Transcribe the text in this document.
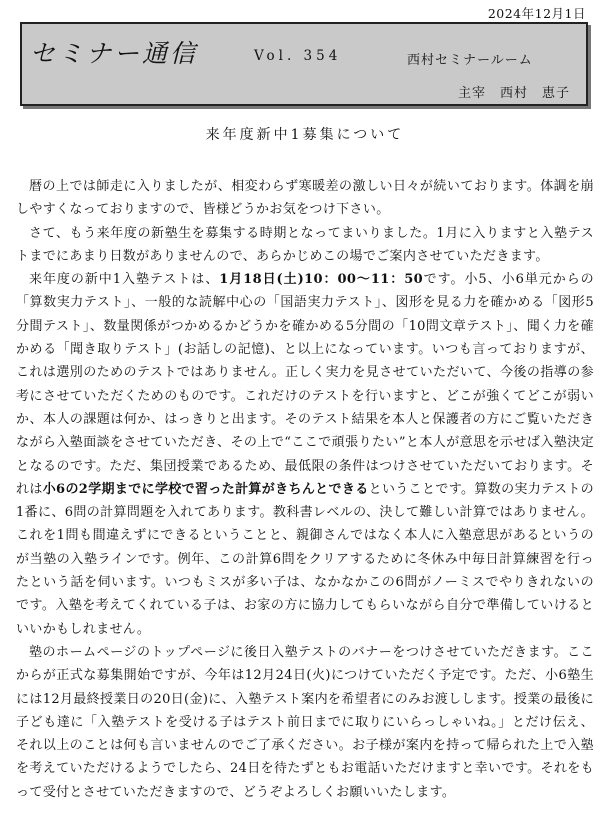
2024年12月1日
セミナー通信	Vol. 354	西村セミナールーム
主宰　西村　恵子
来年度新中1募集について

暦の上では師走に入りましたが、相変わらず寒暖差の激しい日々が続いております。体調を崩しやすくなっておりますので、皆様どうかお気をつけ下さい。

さて、もう来年度の新塾生を募集する時期となってまいりました。1月に入りますと入塾テストまでにあまり日数がありませんので、あらかじめこの場でご案内させていただきます。

来年度の新中1入塾テストは、1月18日(土)10：00～11：50です。小5、小6単元からの「算数実力テスト」、一般的な読解中心の「国語実力テスト」、図形を見る力を確かめる「図形5分間テスト」、数量関係がつかめるかどうかを確かめる5分間の「10問文章テスト」、聞く力を確かめる「聞き取りテスト」(お話しの記憶)、と以上になっています。いつも言っておりますが、これは選別のためのテストではありません。正しく実力を見させていただいて、今後の指導の参考にさせていただくためのものです。これだけのテストを行いますと、どこが強くてどこが弱いか、本人の課題は何か、はっきりと出ます。そのテスト結果を本人と保護者の方にご覧いただきながら入塾面談をさせていただき、その上で“ここで頑張りたい”と本人が意思を示せば入塾決定となるのです。ただ、集団授業であるため、最低限の条件はつけさせていただいております。それは小6の2学期までに学校で習った計算がきちんとできるということです。算数の実力テストの1番に、6問の計算問題を入れてあります。教科書レベルの、決して難しい計算ではありません。これを1問も間違えずにできるということと、親御さんではなく本人に入塾意思があるというのが当塾の入塾ラインです。例年、この計算6問をクリアするために冬休み中毎日計算練習を行ったという話を伺います。いつもミスが多い子は、なかなかこの6問がノーミスでやりきれないのです。入塾を考えてくれている子は、お家の方に協力してもらいながら自分で準備していけるといいかもしれません。

塾のホームページのトップページに後日入塾テストのバナーをつけさせていただきます。ここからが正式な募集開始ですが、今年は12月24日(火)につけていただく予定です。ただ、小6塾生には12月最終授業日の20日(金)に、入塾テスト案内を希望者にのみお渡しします。授業の最後に子ども達に「入塾テストを受ける子はテスト前日までに取りにいらっしゃいね。」とだけ伝え、それ以上のことは何も言いませんのでご了承ください。お子様が案内を持って帰られた上で入塾を考えていただけるようでしたら、24日を待たずともお電話いただけますと幸いです。それをもって受付とさせていただきますので、どうぞよろしくお願いいたします。
